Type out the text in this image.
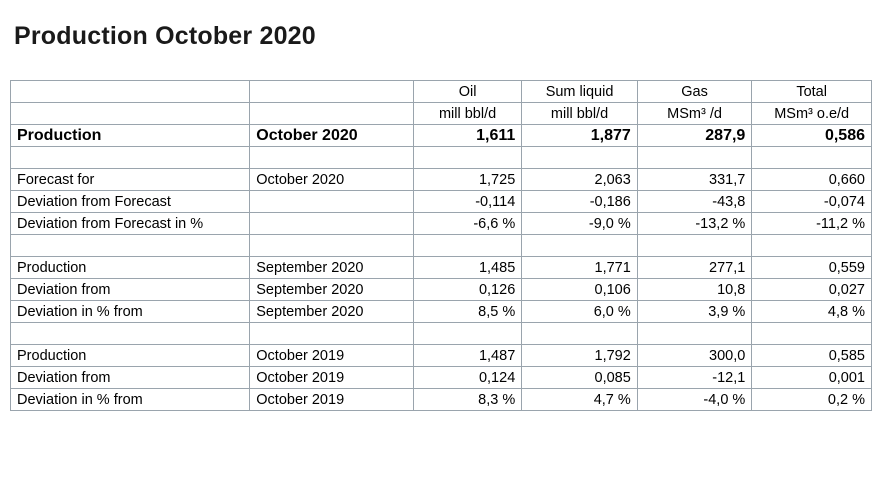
Production October 2020
		Oil	Sum liquid	Gas	Total
		mill bbl/d	mill bbl/d	MSm³ /d	MSm³ o.e/d
Production	October 2020	1,611	1,877	287,9	0,586

Forecast for	October 2020	1,725	2,063	331,7	0,660
Deviation from Forecast		-0,114	-0,186	-43,8	-0,074
Deviation from Forecast in %		-6,6 %	-9,0 %	-13,2 %	-11,2 %

Production	September 2020	1,485	1,771	277,1	0,559
Deviation from	September 2020	0,126	0,106	10,8	0,027
Deviation in % from	September 2020	8,5 %	6,0 %	3,9 %	4,8 %

Production	October 2019	1,487	1,792	300,0	0,585
Deviation from	October 2019	0,124	0,085	-12,1	0,001
Deviation in % from	October 2019	8,3 %	4,7 %	-4,0 %	0,2 %
